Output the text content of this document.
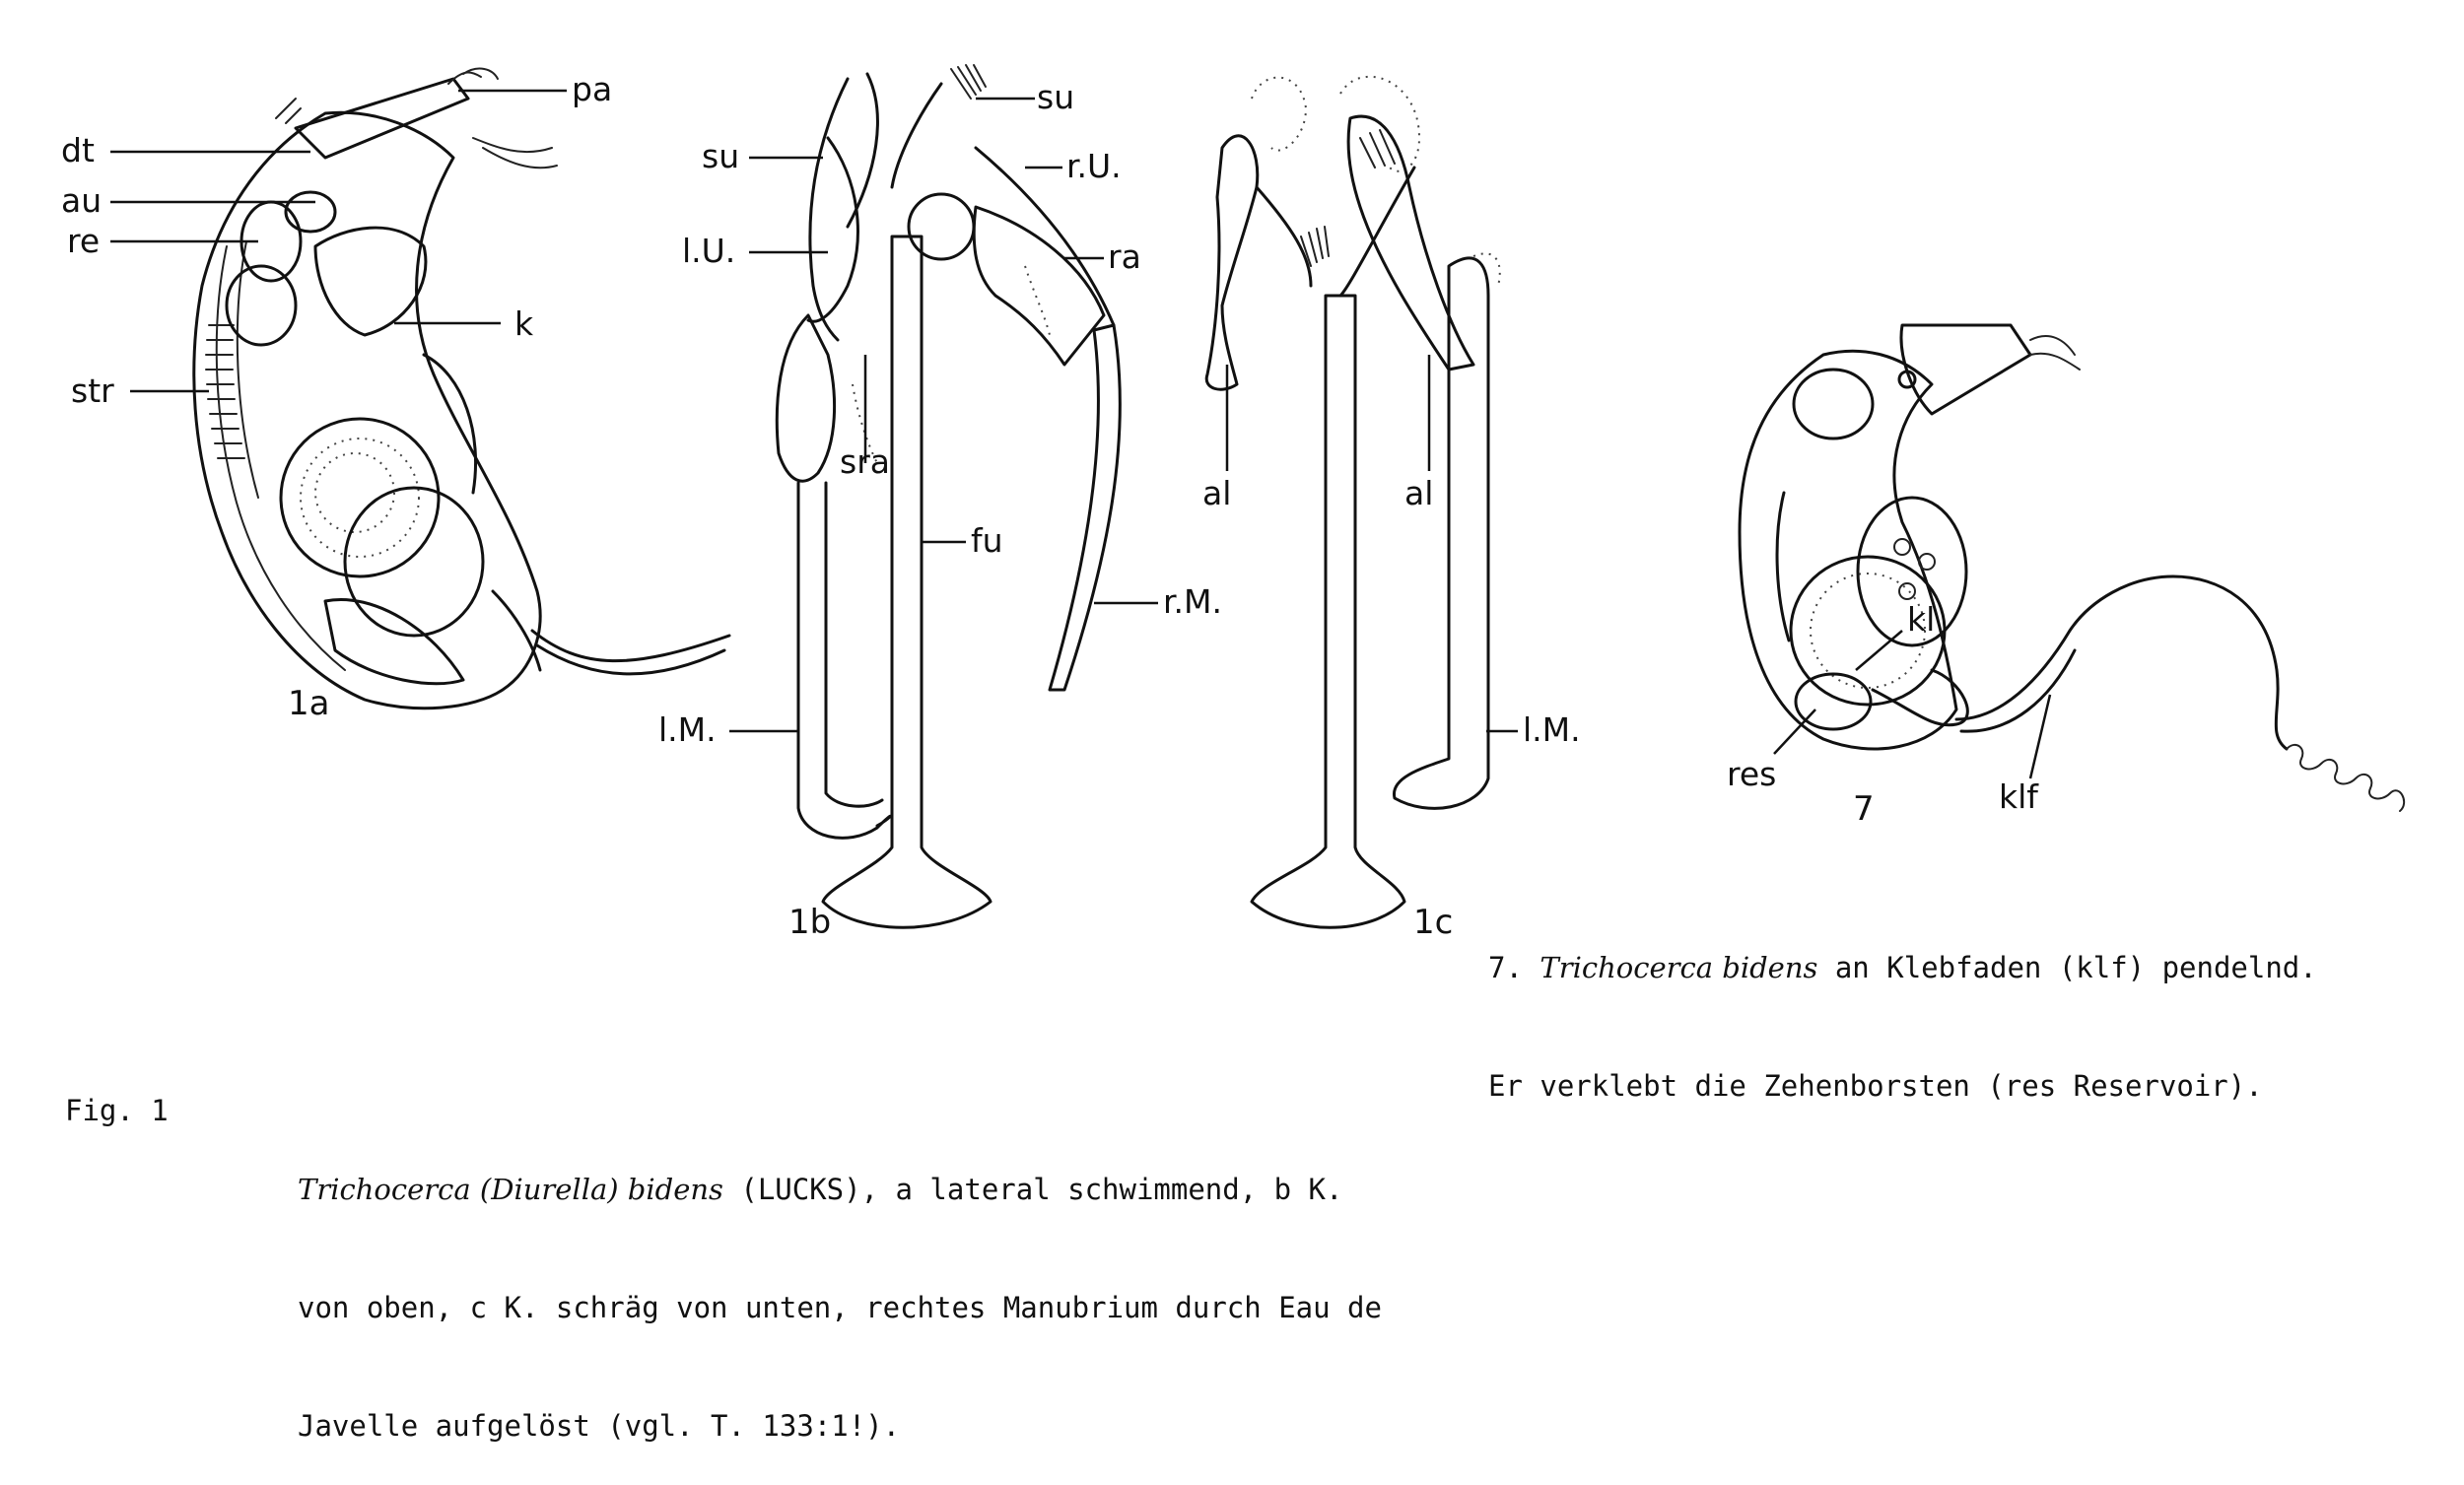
pa
dt
au
re
k
str
1a
su
su	r.U.
l.U.	ra
sra
fu
r.M.
l.M.
1b
al	al
l.M.
1c
kl
res
klf
7

7. Trichocerca bidens an Klebfaden (klf) pendelnd.

Er verklebt die Zehenborsten (res Reservoir).

Fig. 1

Trichocerca (Diurella) bidens (LUCKS), a lateral schwimmend, b K.

von oben, c K. schräg von unten, rechtes Manubrium durch Eau de

Javelle aufgelöst (vgl. T. 133:1!).
